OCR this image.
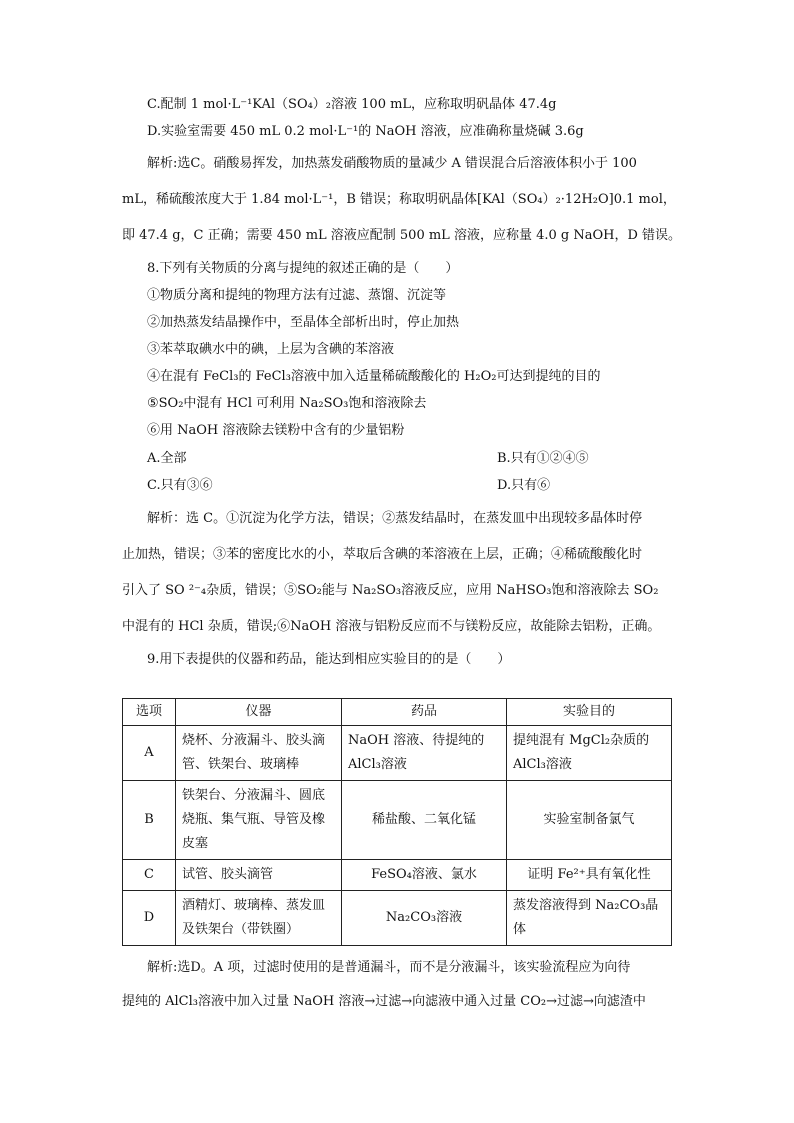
C.配制 1 mol·L⁻¹KAl（SO₄）₂溶液 100 mL，应称取明矾晶体 47.4g
D.实验室需要 450 mL 0.2 mol·L⁻¹的 NaOH 溶液，应准确称量烧碱 3.6g
解析:选C。硝酸易挥发，加热蒸发硝酸物质的量减少 A 错误混合后溶液体积小于 100
mL，稀硫酸浓度大于 1.84 mol·L⁻¹，B 错误；称取明矾晶体[KAl（SO₄）₂·12H₂O]0.1 mol，
即 47.4 g，C 正确；需要 450 mL 溶液应配制 500 mL 溶液，应称量 4.0 g NaOH，D 错误。
8.下列有关物质的分离与提纯的叙述正确的是（　　）
①物质分离和提纯的物理方法有过滤、蒸馏、沉淀等
②加热蒸发结晶操作中，至晶体全部析出时，停止加热
③苯萃取碘水中的碘，上层为含碘的苯溶液
④在混有 FeCl₃的 FeCl₃溶液中加入适量稀硫酸酸化的 H₂O₂可达到提纯的目的
⑤SO₂中混有 HCl 可利用 Na₂SO₃饱和溶液除去
⑥用 NaOH 溶液除去镁粉中含有的少量铝粉
A.全部	B.只有①②④⑤
C.只有③⑥	D.只有⑥
解析：选 C。①沉淀为化学方法，错误；②蒸发结晶时，在蒸发皿中出现较多晶体时停
止加热，错误；③苯的密度比水的小，萃取后含碘的苯溶液在上层，正确；④稀硫酸酸化时
引入了 SO ²⁻₄杂质，错误；⑤SO₂能与 Na₂SO₃溶液反应，应用 NaHSO₃饱和溶液除去 SO₂
中混有的 HCl 杂质，错误;⑥NaOH 溶液与铝粉反应而不与镁粉反应，故能除去铝粉，正确。
9.用下表提供的仪器和药品，能达到相应实验目的的是（　　）
选项	仪器	药品	实验目的
A	烧杯、分液漏斗、胶头滴管、铁架台、玻璃棒	NaOH 溶液、待提纯的 AlCl₃溶液	提纯混有 MgCl₂杂质的 AlCl₃溶液
B	铁架台、分液漏斗、圆底烧瓶、集气瓶、导管及橡皮塞	稀盐酸、二氧化锰	实验室制备氯气
C	试管、胶头滴管	FeSO₄溶液、氯水	证明 Fe²⁺具有氧化性
D	酒精灯、玻璃棒、蒸发皿及铁架台（带铁圈）	Na₂CO₃溶液	蒸发溶液得到 Na₂CO₃晶体
解析:选D。A 项，过滤时使用的是普通漏斗，而不是分液漏斗，该实验流程应为向待
提纯的 AlCl₃溶液中加入过量 NaOH 溶液→过滤→向滤液中通入过量 CO₂→过滤→向滤渣中
